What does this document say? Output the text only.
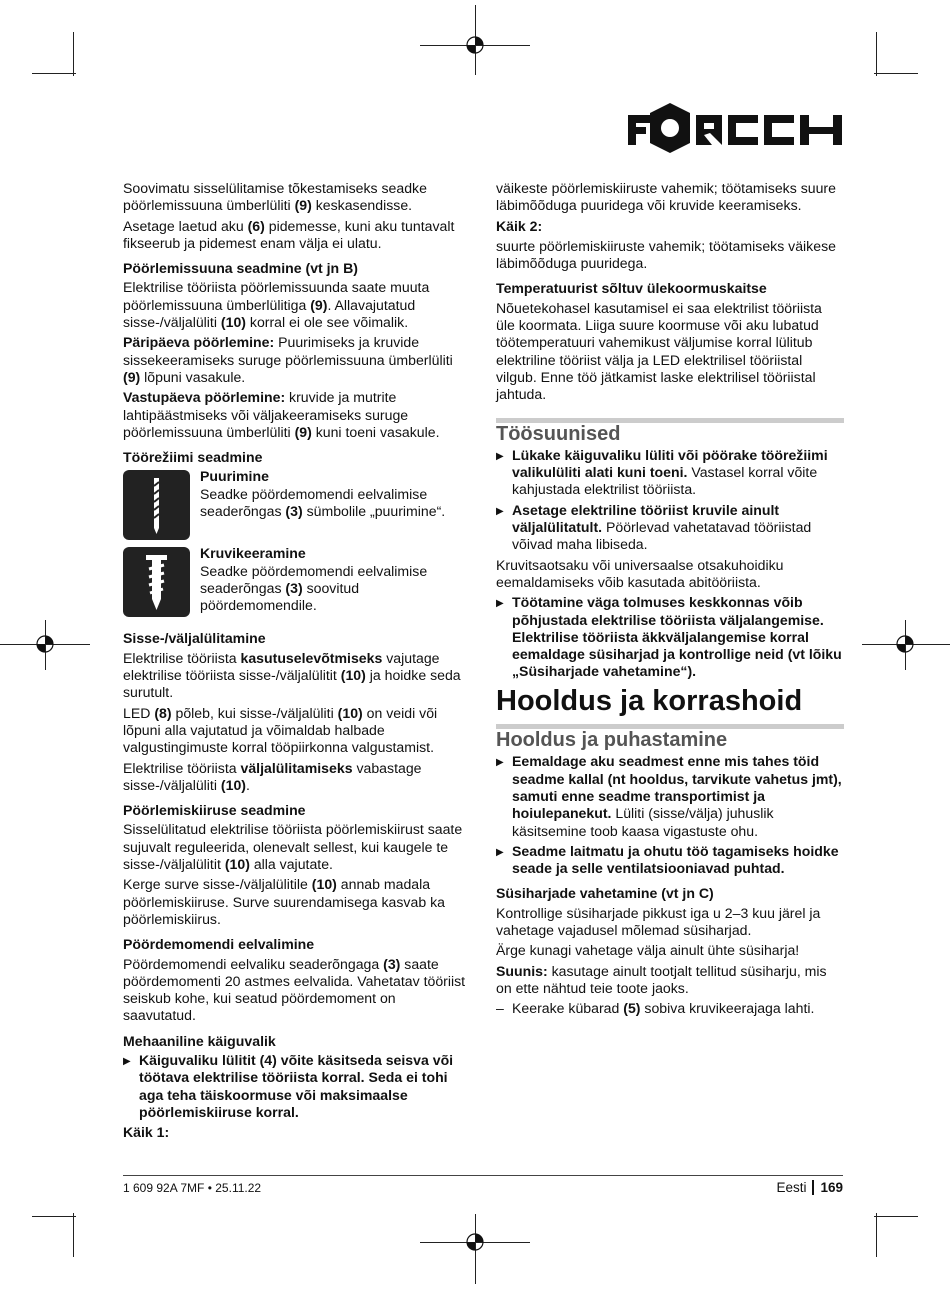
Soovimatu sisselülitamise tõkestamiseks seadke pöörlemissuuna ümberlüliti (9) keskasendisse.

Asetage laetud aku (6) pidemesse, kuni aku tuntavalt fikseerub ja pidemest enam välja ei ulatu.

Pöörlemissuuna seadmine (vt jn B)

Elektrilise tööriista pöörlemissuunda saate muuta pöörlemissuuna ümberlülitiga (9). Allavajutatud sisse-/väljalüliti (10) korral ei ole see võimalik.

Päripäeva pöörlemine: Puurimiseks ja kruvide sissekeeramiseks suruge pöörlemissuuna ümberlüliti (9) lõpuni vasakule.

Vastupäeva pöörlemine: kruvide ja mutrite lahtipäästmiseks või väljakeeramiseks suruge pöörlemissuuna ümberlüliti (9) kuni toeni vasakule.

Töörežiimi seadmine
Puurimine
Seadke pöördemomendi eelvalimise seaderõngas (3) sümbolile „puurimine“.
Kruvikeeramine
Seadke pöördemomendi eelvalimise seaderõngas (3) soovitud pöördemomendile.
Sisse-/väljalülitamine

Elektrilise tööriista kasutuselevõtmiseks vajutage elektrilise tööriista sisse-/väljalülitit (10) ja hoidke seda surutult.

LED (8) põleb, kui sisse-/väljalüliti (10) on veidi või lõpuni alla vajutatud ja võimaldab halbade valgustingimuste korral tööpiirkonna valgustamist.

Elektrilise tööriista väljalülitamiseks vabastage sisse-/väljalüliti (10).

Pöörlemiskiiruse seadmine

Sisselülitatud elektrilise tööriista pöörlemiskiirust saate sujuvalt reguleerida, olenevalt sellest, kui kaugele te sisse-/väljalülitit (10) alla vajutate.

Kerge surve sisse-/väljalülitile (10) annab madala pöörlemiskiiruse. Surve suurendamisega kasvab ka pöörlemiskiirus.

Pöördemomendi eelvalimine

Pöördemomendi eelvaliku seaderõngaga (3) saate pöördemomenti 20 astmes eelvalida. Vahetatav tööriist seiskub kohe, kui seatud pöördemoment on saavutatud.

Mehaaniline käiguvalik

▶ Käiguvaliku lülitit (4) võite käsitseda seisva või töötava elektrilise tööriista korral. Seda ei tohi aga teha täiskoormuse või maksimaalse pöörlemiskiiruse korral.

Käik 1:

väikeste pöörlemiskiiruste vahemik; töötamiseks suure läbimõõduga puuridega või kruvide keeramiseks.

Käik 2:

suurte pöörlemiskiiruste vahemik; töötamiseks väikese läbimõõduga puuridega.

Temperatuurist sõltuv ülekoormuskaitse

Nõuetekohasel kasutamisel ei saa elektrilist tööriista üle koormata. Liiga suure koormuse või aku lubatud töötemperatuuri vahemikust väljumise korral lülitub elektriline tööriist välja ja LED elektrilisel tööriistal vilgub. Enne töö jätkamist laske elektrilisel tööriistal jahtuda.

Töösuunised

▶ Lükake käiguvaliku lüliti või pöörake töörežiimi valikulüliti alati kuni toeni. Vastasel korral võite kahjustada elektrilist tööriista.

▶ Asetage elektriline tööriist kruvile ainult väljalülitatult. Pöörlevad vahetatavad tööriistad võivad maha libiseda.

Kruvitsaotsaku või universaalse otsakuhoidiku eemaldamiseks võib kasutada abitööriista.

▶ Töötamine väga tolmuses keskkonnas võib põhjustada elektrilise tööriista väljalangemise. Elektrilise tööriista äkkväljalangemise korral eemaldage süsiharjad ja kontrollige neid (vt lõiku „Süsiharjade vahetamine“).

Hooldus ja korrashoid
Hooldus ja puhastamine

▶ Eemaldage aku seadmest enne mis tahes töid seadme kallal (nt hooldus, tarvikute vahetus jmt), samuti enne seadme transportimist ja hoiulepanekut. Lüliti (sisse/välja) juhuslik käsitsemine toob kaasa vigastuste ohu.

▶ Seadme laitmatu ja ohutu töö tagamiseks hoidke seade ja selle ventilatsiooniavad puhtad.

Süsiharjade vahetamine (vt jn C)

Kontrollige süsiharjade pikkust iga u 2–3 kuu järel ja vahetage vajadusel mõlemad süsiharjad.

Ärge kunagi vahetage välja ainult ühte süsiharja!

Suunis: kasutage ainult tootjalt tellitud süsiharju, mis on ette nähtud teie toote jaoks.

– Keerake kübarad (5) sobiva kruvikeerajaga lahti.

1 609 92A 7MF • 25.11.22	Eesti 169
